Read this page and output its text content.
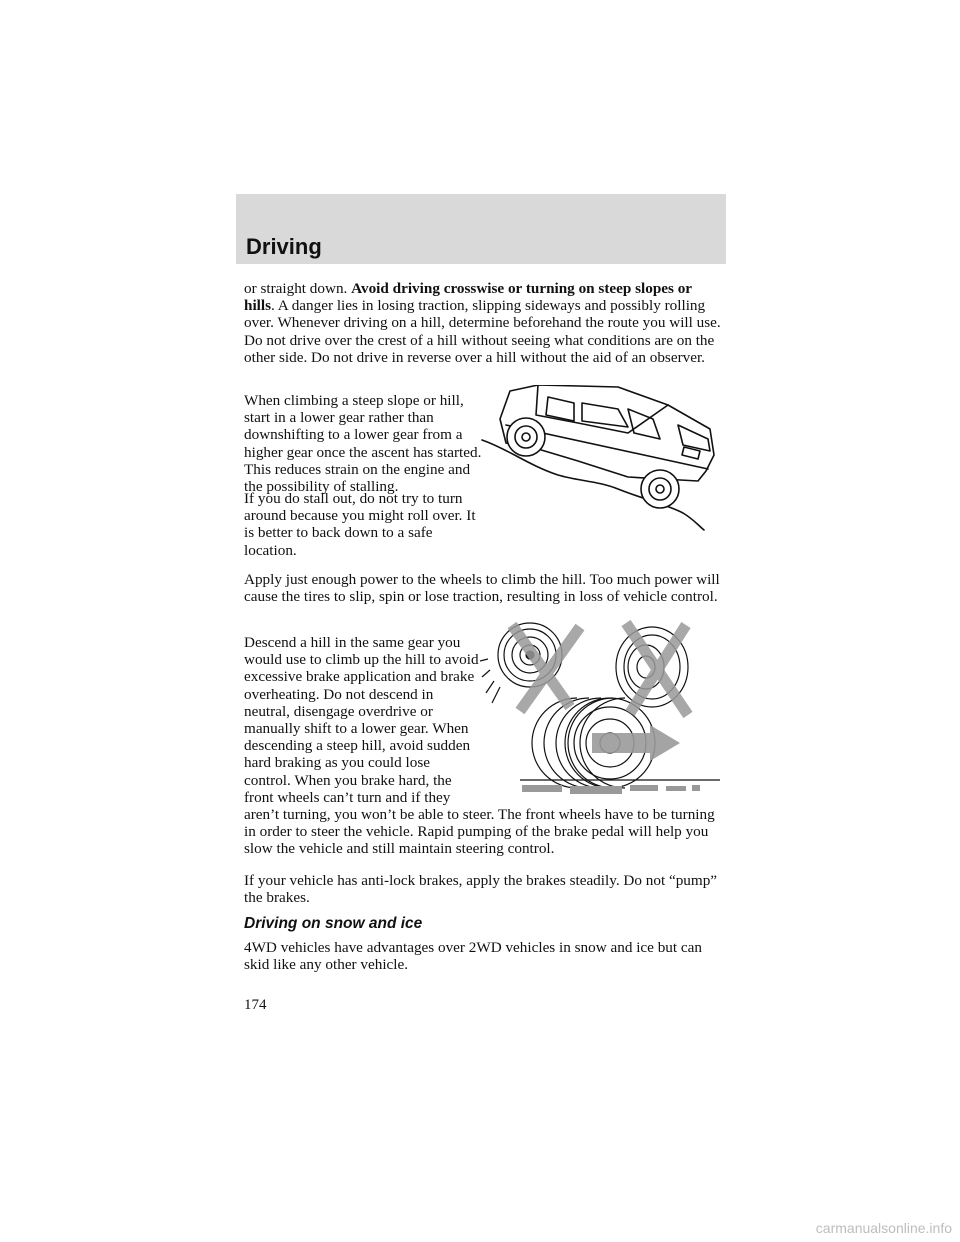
Driving

or straight down. Avoid driving crosswise or turning on steep slopes or hills. A danger lies in losing traction, slipping sideways and possibly rolling over. Whenever driving on a hill, determine beforehand the route you will use. Do not drive over the crest of a hill without seeing what conditions are on the other side. Do not drive in reverse over a hill without the aid of an observer.

When climbing a steep slope or hill, start in a lower gear rather than downshifting to a lower gear from a higher gear once the ascent has started. This reduces strain on the engine and the possibility of stalling.

If you do stall out, do not try to turn around because you might roll over. It is better to back down to a safe location.

Apply just enough power to the wheels to climb the hill. Too much power will cause the tires to slip, spin or lose traction, resulting in loss of vehicle control.

Descend a hill in the same gear you would use to climb up the hill to avoid excessive brake application and brake overheating. Do not descend in neutral, disengage overdrive or manually shift to a lower gear. When descending a steep hill, avoid sudden hard braking as you could lose control. When you brake hard, the front wheels can’t turn and if they aren’t turning, you won’t be able to steer. The front wheels have to be turning in order to steer the vehicle. Rapid pumping of the brake pedal will help you slow the vehicle and still maintain steering control.

If your vehicle has anti-lock brakes, apply the brakes steadily. Do not “pump” the brakes.

Driving on snow and ice

4WD vehicles have advantages over 2WD vehicles in snow and ice but can skid like any other vehicle.

174

carmanualsonline.info
